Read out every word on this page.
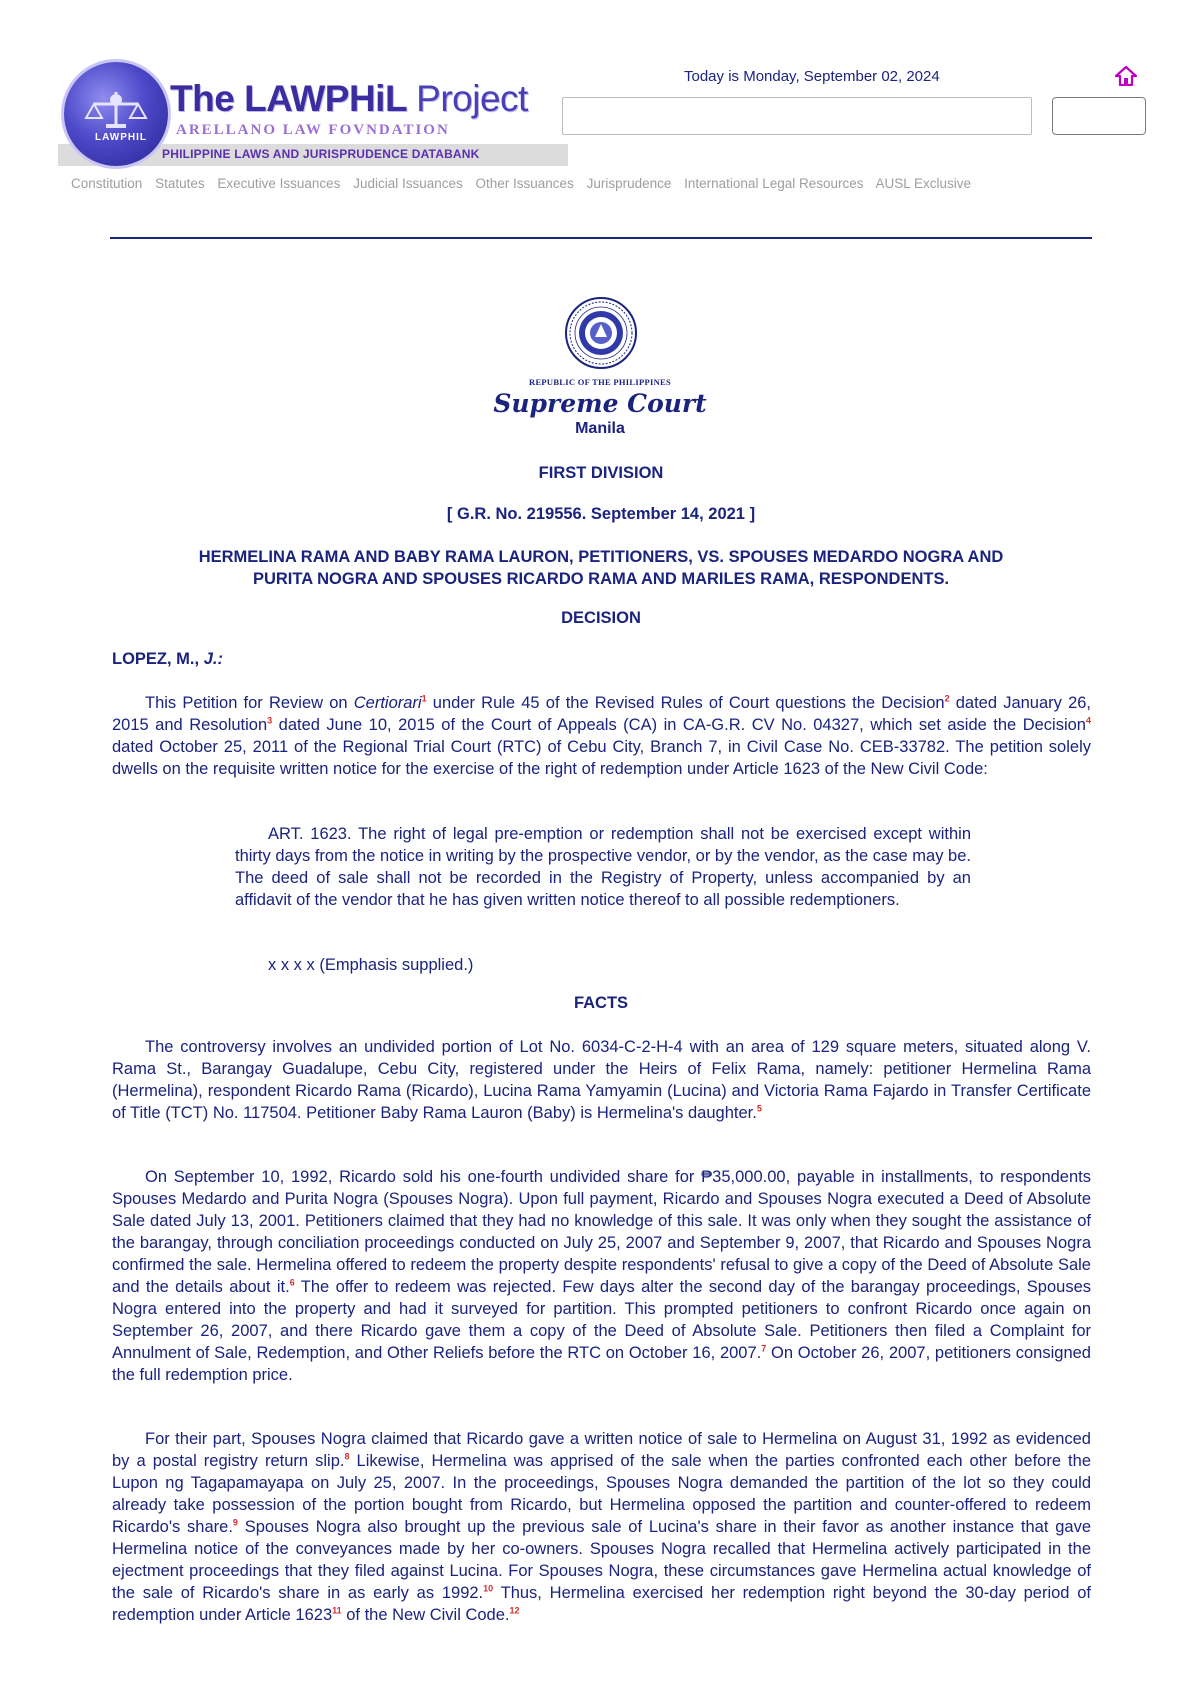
LAWPHIL
The LAWPHiL Project
ARELLANO LAW FOVNDATION
PHILIPPINE LAWS AND JURISPRUDENCE DATABANK
Today is Monday, September 02, 2024
Constitution Statutes Executive Issuances Judicial Issuances Other Issuances Jurisprudence International Legal Resources AUSL Exclusive
REPUBLIC OF THE PHILIPPINES
Supreme Court
Manila
FIRST DIVISION
[ G.R. No. 219556. September 14, 2021 ]
HERMELINA RAMA AND BABY RAMA LAURON, PETITIONERS, VS. SPOUSES MEDARDO NOGRA AND
PURITA NOGRA AND SPOUSES RICARDO RAMA AND MARILES RAMA, RESPONDENTS.
DECISION
LOPEZ, M., J.:
This Petition for Review on Certiorari$^1$ under Rule 45 of the Revised Rules of Court questions the Decision$^2$ dated January 26, 2015 and Resolution$^3$ dated June 10, 2015 of the Court of Appeals (CA) in CA-G.R. CV No. 04327, which set aside the Decision$^4$ dated October 25, 2011 of the Regional Trial Court (RTC) of Cebu City, Branch 7, in Civil Case No. CEB-33782. The petition solely dwells on the requisite written notice for the exercise of the right of redemption under Article 1623 of the New Civil Code:
ART. 1623. The right of legal pre-emption or redemption shall not be exercised except within thirty days from the notice in writing by the prospective vendor, or by the vendor, as the case may be. The deed of sale shall not be recorded in the Registry of Property, unless accompanied by an affidavit of the vendor that he has given written notice thereof to all possible redemptioners.
x x x x (Emphasis supplied.)
FACTS
The controversy involves an undivided portion of Lot No. 6034-C-2-H-4 with an area of 129 square meters, situated along V. Rama St., Barangay Guadalupe, Cebu City, registered under the Heirs of Felix Rama, namely: petitioner Hermelina Rama (Hermelina), respondent Ricardo Rama (Ricardo), Lucina Rama Yamyamin (Lucina) and Victoria Rama Fajardo in Transfer Certificate of Title (TCT) No. 117504. Petitioner Baby Rama Lauron (Baby) is Hermelina's daughter.$^5$
On September 10, 1992, Ricardo sold his one-fourth undivided share for ₱35,000.00, payable in installments, to respondents Spouses Medardo and Purita Nogra (Spouses Nogra). Upon full payment, Ricardo and Spouses Nogra executed a Deed of Absolute Sale dated July 13, 2001. Petitioners claimed that they had no knowledge of this sale. It was only when they sought the assistance of the barangay, through conciliation proceedings conducted on July 25, 2007 and September 9, 2007, that Ricardo and Spouses Nogra confirmed the sale. Hermelina offered to redeem the property despite respondents' refusal to give a copy of the Deed of Absolute Sale and the details about it.$^6$ The offer to redeem was rejected. Few days alter the second day of the barangay proceedings, Spouses Nogra entered into the property and had it surveyed for partition. This prompted petitioners to confront Ricardo once again on September 26, 2007, and there Ricardo gave them a copy of the Deed of Absolute Sale. Petitioners then filed a Complaint for Annulment of Sale, Redemption, and Other Reliefs before the RTC on October 16, 2007.$^7$ On October 26, 2007, petitioners consigned the full redemption price.
For their part, Spouses Nogra claimed that Ricardo gave a written notice of sale to Hermelina on August 31, 1992 as evidenced by a postal registry return slip.$^8$ Likewise, Hermelina was apprised of the sale when the parties confronted each other before the Lupon ng Tagapamayapa on July 25, 2007. In the proceedings, Spouses Nogra demanded the partition of the lot so they could already take possession of the portion bought from Ricardo, but Hermelina opposed the partition and counter-offered to redeem Ricardo's share.$^9$ Spouses Nogra also brought up the previous sale of Lucina's share in their favor as another instance that gave Hermelina notice of the conveyances made by her co-owners. Spouses Nogra recalled that Hermelina actively participated in the ejectment proceedings that they filed against Lucina. For Spouses Nogra, these circumstances gave Hermelina actual knowledge of the sale of Ricardo's share in as early as 1992.10 Thus, Hermelina exercised her redemption right beyond the 30-day period of redemption under Article 1623$^{11}$ of the New Civil Code.$^{12}$
